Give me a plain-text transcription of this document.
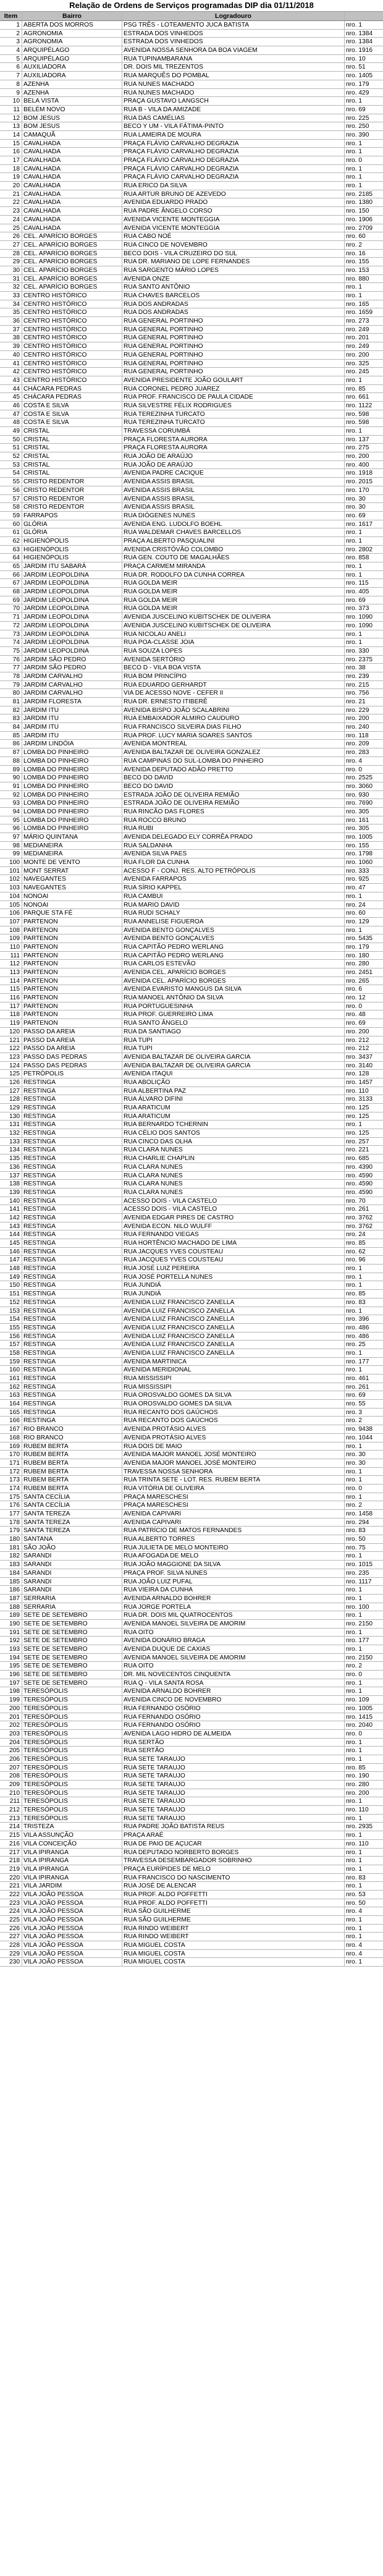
Relação de Ordens de Serviços programadas DIP dia 01/11/2018
Item	Bairro	Logradouro
1 ABERTA DOS MORROS	PSG TRÊS - LOTEAMENTO JUCA BATISTA	nro. 1
2 AGRONOMIA	ESTRADA DOS VINHEDOS	nro. 1384
3 AGRONOMIA	ESTRADA DOS VINHEDOS	nro. 1384
4 ARQUIPÉLAGO	AVENIDA NOSSA SENHORA DA BOA VIAGEM	nro. 1916
5 ARQUIPÉLAGO	RUA TUPINAMBARANA	nro. 10
6 AUXILIADORA	DR. DOIS MIL TREZENTOS	nro. 51
7 AUXILIADORA	RUA MARQUÊS DO POMBAL	nro. 1405
8 AZENHA	RUA NUNES MACHADO	nro. 179
9 AZENHA	RUA NUNES MACHADO	nro. 429
10 BELA VISTA	PRAÇA GUSTAVO LANGSCH	nro. 1
11 BELÉM NOVO	RUA B - VILA DA AMIZADE	nro. 69
12 BOM JESUS	RUA DAS CAMÉLIAS	nro. 225
13 BOM JESUS	BECO Y UM - VILA FÁTIMA-PINTO	nro. 250
14 CAMAQUÃ	RUA LAMEIRA DE MOURA	nro. 390
15 CAVALHADA	PRAÇA FLÁVIO CARVALHO DEGRAZIA	nro. 1
16 CAVALHADA	PRAÇA FLÁVIO CARVALHO DEGRAZIA	nro. 1
17 CAVALHADA	PRAÇA FLÁVIO CARVALHO DEGRAZIA	nro. 0
18 CAVALHADA	PRAÇA FLÁVIO CARVALHO DEGRAZIA	nro. 1
19 CAVALHADA	PRAÇA FLÁVIO CARVALHO DEGRAZIA	nro. 1
20 CAVALHADA	RUA ERICO DA SILVA	nro. 1
21 CAVALHADA	RUA ARTUR BRUNO DE AZEVEDO	nro. 2185
22 CAVALHADA	AVENIDA EDUARDO PRADO	nro. 1380
23 CAVALHADA	RUA PADRE ÂNGELO CORSO	nro. 150
24 CAVALHADA	AVENIDA VICENTE MONTEGGIA	nro. 1906
25 CAVALHADA	AVENIDA VICENTE MONTEGGIA	nro. 2709
26 CEL. APARÍCIO BORGES	RUA CABO NOÉ	nro. 60
27 CEL. APARÍCIO BORGES	RUA CINCO DE NOVEMBRO	nro. 2
28 CEL. APARÍCIO BORGES	BECO DOIS - VILA CRUZEIRO DO SUL	nro. 16
29 CEL. APARÍCIO BORGES	RUA DR. MARIANO DE LOPE FERNANDES	nro. 155
30 CEL. APARÍCIO BORGES	RUA SARGENTO MÁRIO LOPES	nro. 153
31 CEL. APARÍCIO BORGES	AVENIDA ONZE	nro. 880
32 CEL. APARÍCIO BORGES	RUA SANTO ANTÔNIO	nro. 1
33 CENTRO HISTÓRICO	RUA CHAVES BARCELOS	nro. 1
34 CENTRO HISTÓRICO	RUA DOS ANDRADAS	nro. 165
35 CENTRO HISTÓRICO	RUA DOS ANDRADAS	nro. 1659
36 CENTRO HISTÓRICO	RUA GENERAL PORTINHO	nro. 273
37 CENTRO HISTÓRICO	RUA GENERAL PORTINHO	nro. 249
38 CENTRO HISTÓRICO	RUA GENERAL PORTINHO	nro. 201
39 CENTRO HISTÓRICO	RUA GENERAL PORTINHO	nro. 249
40 CENTRO HISTÓRICO	RUA GENERAL PORTINHO	nro. 200
41 CENTRO HISTÓRICO	RUA GENERAL PORTINHO	nro. 325
42 CENTRO HISTÓRICO	RUA GENERAL PORTINHO	nro. 245
43 CENTRO HISTÓRICO	AVENIDA PRESIDENTE JOÃO GOULART	nro. 1
44 CHÁCARA PEDRAS	RUA CORONEL PEDRO JUAREZ	nro. 85
45 CHÁCARA PEDRAS	RUA PROF. FRANCISCO DE PAULA CIDADE	nro. 661
46 COSTA E SILVA	RUA SILVESTRE FÉLIX RODRIGUES	nro. 1122
47 COSTA E SILVA	RUA TEREZINHA TURCATO	nro. 598
48 COSTA E SILVA	RUA TEREZINHA TURCATO	nro. 598
49 CRISTAL	TRAVESSA CORUMBÁ	nro. 1
50 CRISTAL	PRAÇA FLORESTA AURORA	nro. 137
51 CRISTAL	PRAÇA FLORESTA AURORA	nro. 275
52 CRISTAL	RUA JOÃO DE ARAÚJO	nro. 200
53 CRISTAL	RUA JOÃO DE ARAÚJO	nro. 400
54 CRISTAL	AVENIDA PADRE CACIQUE	nro. 1918
55 CRISTO REDENTOR	AVENIDA ASSIS BRASIL	nro. 2015
56 CRISTO REDENTOR	AVENIDA ASSIS BRASIL	nro. 170
57 CRISTO REDENTOR	AVENIDA ASSIS BRASIL	nro. 30
58 CRISTO REDENTOR	AVENIDA ASSIS BRASIL	nro. 30
59 FARRAPOS	RUA DIÓGENES NUNES	nro. 69
60 GLÓRIA	AVENIDA ENG. LUDOLFO BOEHL	nro. 1617
61 GLÓRIA	RUA WALDEMAR CHAVES BARCELLOS	nro. 1
62 HIGIENÓPOLIS	PRAÇA ALBERTO PASQUALINI	nro. 1
63 HIGIENÓPOLIS	AVENIDA CRISTÓVÃO COLOMBO	nro. 2802
64 HIGIENÓPOLIS	RUA GEN. COUTO DE MAGALHÃES	nro. 858
65 JARDIM ITU SABARÁ	PRAÇA CARMEM MIRANDA	nro. 1
66 JARDIM LEOPOLDINA	RUA DR. RODOLFO DA CUNHA CORREA	nro. 1
67 JARDIM LEOPOLDINA	RUA GOLDA MEIR	nro. 115
68 JARDIM LEOPOLDINA	RUA GOLDA MEIR	nro. 405
69 JARDIM LEOPOLDINA	RUA GOLDA MEIR	nro. 69
70 JARDIM LEOPOLDINA	RUA GOLDA MEIR	nro. 373
71 JARDIM LEOPOLDINA	AVENIDA JUSCELINO KUBITSCHEK DE OLIVEIRA	nro. 1090
72 JARDIM LEOPOLDINA	AVENIDA JUSCELINO KUBITSCHEK DE OLIVEIRA	nro. 1090
73 JARDIM LEOPOLDINA	RUA NICOLAU ANELI	nro. 1
74 JARDIM LEOPOLDINA	RUA POA-CLASSE JOIA	nro. 1
75 JARDIM LEOPOLDINA	RUA SOUZA LOPES	nro. 330
76 JARDIM SÃO PEDRO	AVENIDA SERTÓRIO	nro. 2375
77 JARDIM SÃO PEDRO	BECO D - VILA BOA VISTA	nro. 38
78 JARDIM CARVALHO	RUA BOM PRINCÍPIO	nro. 239
79 JARDIM CARVALHO	RUA EDUARDO GERHARDT	nro. 215
80 JARDIM CARVALHO	VIA DE ACESSO NOVE - CEFER II	nro. 756
81 JARDIM FLORESTA	RUA DR. ERNESTO ITIBERÊ	nro. 21
82 JARDIM ITU	AVENIDA BISPO JOÃO SCALABRINI	nro. 229
83 JARDIM ITU	RUA EMBAIXADOR ALMIRO CAUDURO	nro. 200
84 JARDIM ITU	RUA FRANCISCO SILVEIRA DIAS FILHO	nro. 240
85 JARDIM ITU	RUA PROF. LUCY MARIA SOARES SANTOS	nro. 118
86 JARDIM LINDÓIA	AVENIDA MONTREAL	nro. 209
87 LOMBA DO PINHEIRO	AVENIDA BALTAZAR DE OLIVEIRA GONZALEZ	nro. 283
88 LOMBA DO PINHEIRO	RUA CAMPINAS DO SUL-LOMBA DO PINHEIRO	nro. 4
89 LOMBA DO PINHEIRO	AVENIDA DEPUTADO ADÃO PRETTO	nro. 0
90 LOMBA DO PINHEIRO	BECO DO DAVID	nro. 2525
91 LOMBA DO PINHEIRO	BECO DO DAVID	nro. 3060
92 LOMBA DO PINHEIRO	ESTRADA JOÃO DE OLIVEIRA REMIÃO	nro. 930
93 LOMBA DO PINHEIRO	ESTRADA JOÃO DE OLIVEIRA REMIÃO	nro. 7690
94 LOMBA DO PINHEIRO	RUA RINCÃO DAS FLORES	nro. 305
95 LOMBA DO PINHEIRO	RUA ROCCO BRUNO	nro. 161
96 LOMBA DO PINHEIRO	RUA RUBI	nro. 305
97 MÁRIO QUINTANA	AVENIDA DELEGADO ELY CORRÊA PRADO	nro. 1005
98 MEDIANEIRA	RUA SALDANHA	nro. 155
99 MEDIANEIRA	AVENIDA SILVA PAES	nro. 1798
100 MONTE DE VENTO	RUA FLOR DA CUNHA	nro. 1060
101 MONT SERRAT	ACESSO F - CONJ. RES. ALTO PETRÓPOLIS	nro. 333
102 NAVEGANTES	AVENIDA FARRAPOS	nro. 925
103 NAVEGANTES	RUA SÍRIO KAPPEL	nro. 47
104 NONOAI	RUA CAMBUI	nro. 1
105 NONOAI	RUA MARIO DAVID	nro. 24
106 PARQUE STA FÉ	RUA RUDI SCHALY	nro. 60
107 PARTENON	RUA ANNELISE FIGUEROA	nro. 129
108 PARTENON	AVENIDA BENTO GONÇALVES	nro. 1
109 PARTENON	AVENIDA BENTO GONÇALVES	nro. 5435
110 PARTENON	RUA CAPITÃO PEDRO WERLANG	nro. 179
111 PARTENON	RUA CAPITÃO PEDRO WERLANG	nro. 180
112 PARTENON	RUA CARLOS ESTEVÃO	nro. 280
113 PARTENON	AVENIDA CEL. APARÍCIO BORGES	nro. 2451
114 PARTENON	AVENIDA CEL. APARÍCIO BORGES	nro. 265
115 PARTENON	AVENIDA EVARISTO MANGUS DA SILVA	nro. 6
116 PARTENON	RUA MANOEL ANTÔNIO DA SILVA	nro. 12
117 PARTENON	RUA PORTUGUESINHA	nro. 0
118 PARTENON	RUA PROF. GUERREIRO LIMA	nro. 48
119 PARTENON	RUA SANTO ÂNGELO	nro. 69
120 PASSO DA AREIA	RUA DA SANTIAGO	nro. 200
121 PASSO DA AREIA	RUA TUPI	nro. 212
122 PASSO DA AREIA	RUA TUPI	nro. 212
123 PASSO DAS PEDRAS	AVENIDA BALTAZAR DE OLIVEIRA GARCIA	nro. 3437
124 PASSO DAS PEDRAS	AVENIDA BALTAZAR DE OLIVEIRA GARCIA	nro. 3140
125 PETRÓPOLIS	AVENIDA ITAQUI	nro. 128
126 RESTINGA	RUA ABOLIÇÃO	nro. 1457
127 RESTINGA	RUA ALBERTINA PAZ	nro. 110
128 RESTINGA	RUA ÁLVARO DIFINI	nro. 3133
129 RESTINGA	RUA ARATICUM	nro. 125
130 RESTINGA	RUA ARATICUM	nro. 125
131 RESTINGA	RUA BERNARDO TCHERNIN	nro. 1
132 RESTINGA	RUA CÉLIO DOS SANTOS	nro. 125
133 RESTINGA	RUA CINCO DAS OLHA	nro. 257
134 RESTINGA	RUA CLARA NUNES	nro. 221
135 RESTINGA	RUA CHARLIE CHAPLIN	nro. 685
136 RESTINGA	RUA CLARA NUNES	nro. 4390
137 RESTINGA	RUA CLARA NUNES	nro. 4590
138 RESTINGA	RUA CLARA NUNES	nro. 4590
139 RESTINGA	RUA CLARA NUNES	nro. 4590
140 RESTINGA	ACESSO DOIS - VILA CASTELO	nro. 70
141 RESTINGA	ACESSO DOIS - VILA CASTELO	nro. 261
142 RESTINGA	AVENIDA EDGAR PIRES DE CASTRO	nro. 3762
143 RESTINGA	AVENIDA ECON. NILO WULFF	nro. 3762
144 RESTINGA	RUA FERNANDO VIEGAS	nro. 24
145 RESTINGA	RUA HORTÊNCIO MACHADO DE LIMA	nro. 85
146 RESTINGA	RUA JACQUES YVES COUSTEAU	nro. 62
147 RESTINGA	RUA JACQUES YVES COUSTEAU	nro. 96
148 RESTINGA	RUA JOSÉ LUIZ PEREIRA	nro. 1
149 RESTINGA	RUA JOSÉ PORTELLA NUNES	nro. 1
150 RESTINGA	RUA JUNDIÁ	nro. 1
151 RESTINGA	RUA JUNDIÁ	nro. 85
152 RESTINGA	AVENIDA LUIZ FRANCISCO ZANELLA	nro. 83
153 RESTINGA	AVENIDA LUIZ FRANCISCO ZANELLA	nro. 1
154 RESTINGA	AVENIDA LUIZ FRANCISCO ZANELLA	nro. 396
155 RESTINGA	AVENIDA LUIZ FRANCISCO ZANELLA	nro. 486
156 RESTINGA	AVENIDA LUIZ FRANCISCO ZANELLA	nro. 486
157 RESTINGA	AVENIDA LUIZ FRANCISCO ZANELLA	nro. 25
158 RESTINGA	AVENIDA LUIZ FRANCISCO ZANELLA	nro. 1
159 RESTINGA	AVENIDA MARTINICA	nro. 177
160 RESTINGA	AVENIDA MERIDIONAL	nro. 1
161 RESTINGA	RUA MISSISSIPI	nro. 461
162 RESTINGA	RUA MISSISSIPI	nro. 261
163 RESTINGA	RUA OROSVALDO GOMES DA SILVA	nro. 69
164 RESTINGA	RUA OROSVALDO GOMES DA SILVA	nro. 55
165 RESTINGA	RUA RECANTO DOS GAÚCHOS	nro. 3
166 RESTINGA	RUA RECANTO DOS GAÚCHOS	nro. 2
167 RIO BRANCO	AVENIDA PROTÁSIO ALVES	nro. 9438
168 RIO BRANCO	AVENIDA PROTÁSIO ALVES	nro. 1044
169 RUBEM BERTA	RUA DOIS DE MAIO	nro. 1
170 RUBEM BERTA	AVENIDA MAJOR MANOEL JOSÉ MONTEIRO	nro. 30
171 RUBEM BERTA	AVENIDA MAJOR MANOEL JOSÉ MONTEIRO	nro. 30
172 RUBEM BERTA	TRAVESSA NOSSA SENHORA	nro. 1
173 RUBEM BERTA	RUA TRINTA SETE - LOT. RES. RUBEM BERTA	nro. 1
174 RUBEM BERTA	RUA VITÓRIA DE OLIVEIRA	nro. 0
175 SANTA CECÍLIA	PRAÇA MARESCHESI	nro. 1
176 SANTA CECÍLIA	PRAÇA MARESCHESI	nro. 2
177 SANTA TEREZA	AVENIDA CAPIVARI	nro. 1458
178 SANTA TEREZA	AVENIDA CAPIVARI	nro. 294
179 SANTA TEREZA	RUA PATRÍCIO DE MATOS FERNANDES	nro. 83
180 SANTANA	RUA ALBERTO TORRES	nro. 50
181 SÃO JOÃO	RUA JULIETA DE MELO MONTEIRO	nro. 75
182 SARANDI	RUA AFOGADA DE MELO	nro. 1
183 SARANDI	RUA JOÃO MAGGIONE DA SILVA	nro. 1015
184 SARANDI	PRAÇA PROF. SILVA NUNES	nro. 235
185 SARANDI	RUA JOÃO LUIZ PUFAL	nro. 1117
186 SARANDI	RUA VIEIRA DA CUNHA	nro. 1
187 SERRARIA	AVENIDA ARNALDO BOHRER	nro. 1
188 SERRARIA	RUA JORGE PORTELA	nro. 100
189 SETE DE SETEMBRO	RUA DR. DOIS MIL QUATROCENTOS	nro. 1
190 SETE DE SETEMBRO	AVENIDA MANOEL SILVEIRA DE AMORIM	nro. 2150
191 SETE DE SETEMBRO	RUA OITO	nro. 1
192 SETE DE SETEMBRO	AVENIDA DONÁRIO BRAGA	nro. 177
193 SETE DE SETEMBRO	AVENIDA DUQUE DE CAXIAS	nro. 1
194 SETE DE SETEMBRO	AVENIDA MANOEL SILVEIRA DE AMORIM	nro. 2150
195 SETE DE SETEMBRO	RUA OITO	nro. 2
196 SETE DE SETEMBRO	DR. MIL NOVECENTOS CINQUENTA	nro. 0
197 SETE DE SETEMBRO	RUA Q - VILA SANTA ROSA	nro. 1
198 TERESÓPOLIS	AVENIDA ARNALDO BOHRER	nro. 1
199 TERESÓPOLIS	AVENIDA CINCO DE NOVEMBRO	nro. 109
200 TERESÓPOLIS	RUA FERNANDO OSÓRIO	nro. 1005
201 TERESÓPOLIS	RUA FERNANDO OSÓRIO	nro. 1415
202 TERESÓPOLIS	RUA FERNANDO OSÓRIO	nro. 2040
203 TERESÓPOLIS	AVENIDA LAGO HIDRO DE ALMEIDA	nro. 0
204 TERESÓPOLIS	RUA SERTÃO	nro. 1
205 TERESÓPOLIS	RUA SERTÃO	nro. 1
206 TERESÓPOLIS	RUA SETE TARAUJO	nro. 1
207 TERESÓPOLIS	RUA SETE TARAUJO	nro. 85
208 TERESÓPOLIS	RUA SETE TARAUJO	nro. 190
209 TERESÓPOLIS	RUA SETE TARAUJO	nro. 280
210 TERESÓPOLIS	RUA SETE TARAUJO	nro. 200
211 TERESÓPOLIS	RUA SETE TARAUJO	nro. 1
212 TERESÓPOLIS	RUA SETE TARAUJO	nro. 110
213 TERESÓPOLIS	RUA SETE TARAUJO	nro. 1
214 TRISTEZA	RUA PADRE JOÃO BATISTA REUS	nro. 2935
215 VILA ASSUNÇÃO	PRAÇA ARAÉ	nro. 1
216 VILA CONCEIÇÃO	RUA DE PAIO DE AÇUCAR	nro. 110
217 VILA IPIRANGA	RUA DEPUTADO NORBERTO BORGES	nro. 1
218 VILA IPIRANGA	TRAVESSA DESEMBARGADOR SOBRINHO	nro. 1
219 VILA IPIRANGA	PRAÇA EURÍPIDES DE MELO	nro. 1
220 VILA IPIRANGA	RUA FRANCISCO DO NASCIMENTO	nro. 83
221 VILA JARDIM	RUA JOSÉ DE ALENCAR	nro. 1
222 VILA JOÃO PESSOA	RUA PROF. ALDO POFFETTI	nro. 53
223 VILA JOÃO PESSOA	RUA PROF. ALDO POFFETTI	nro. 50
224 VILA JOÃO PESSOA	RUA SÃO GUILHERME	nro. 4
225 VILA JOÃO PESSOA	RUA SÃO GUILHERME	nro. 1
226 VILA JOÃO PESSOA	RUA RINDO WEIBERT	nro. 1
227 VILA JOÃO PESSOA	RUA RINDO WEIBERT	nro. 1
228 VILA JOÃO PESSOA	RUA MIGUEL COSTA	nro. 4
229 VILA JOÃO PESSOA	RUA MIGUEL COSTA	nro. 4
230 VILA JOÃO PESSOA	RUA MIGUEL COSTA	nro. 1
